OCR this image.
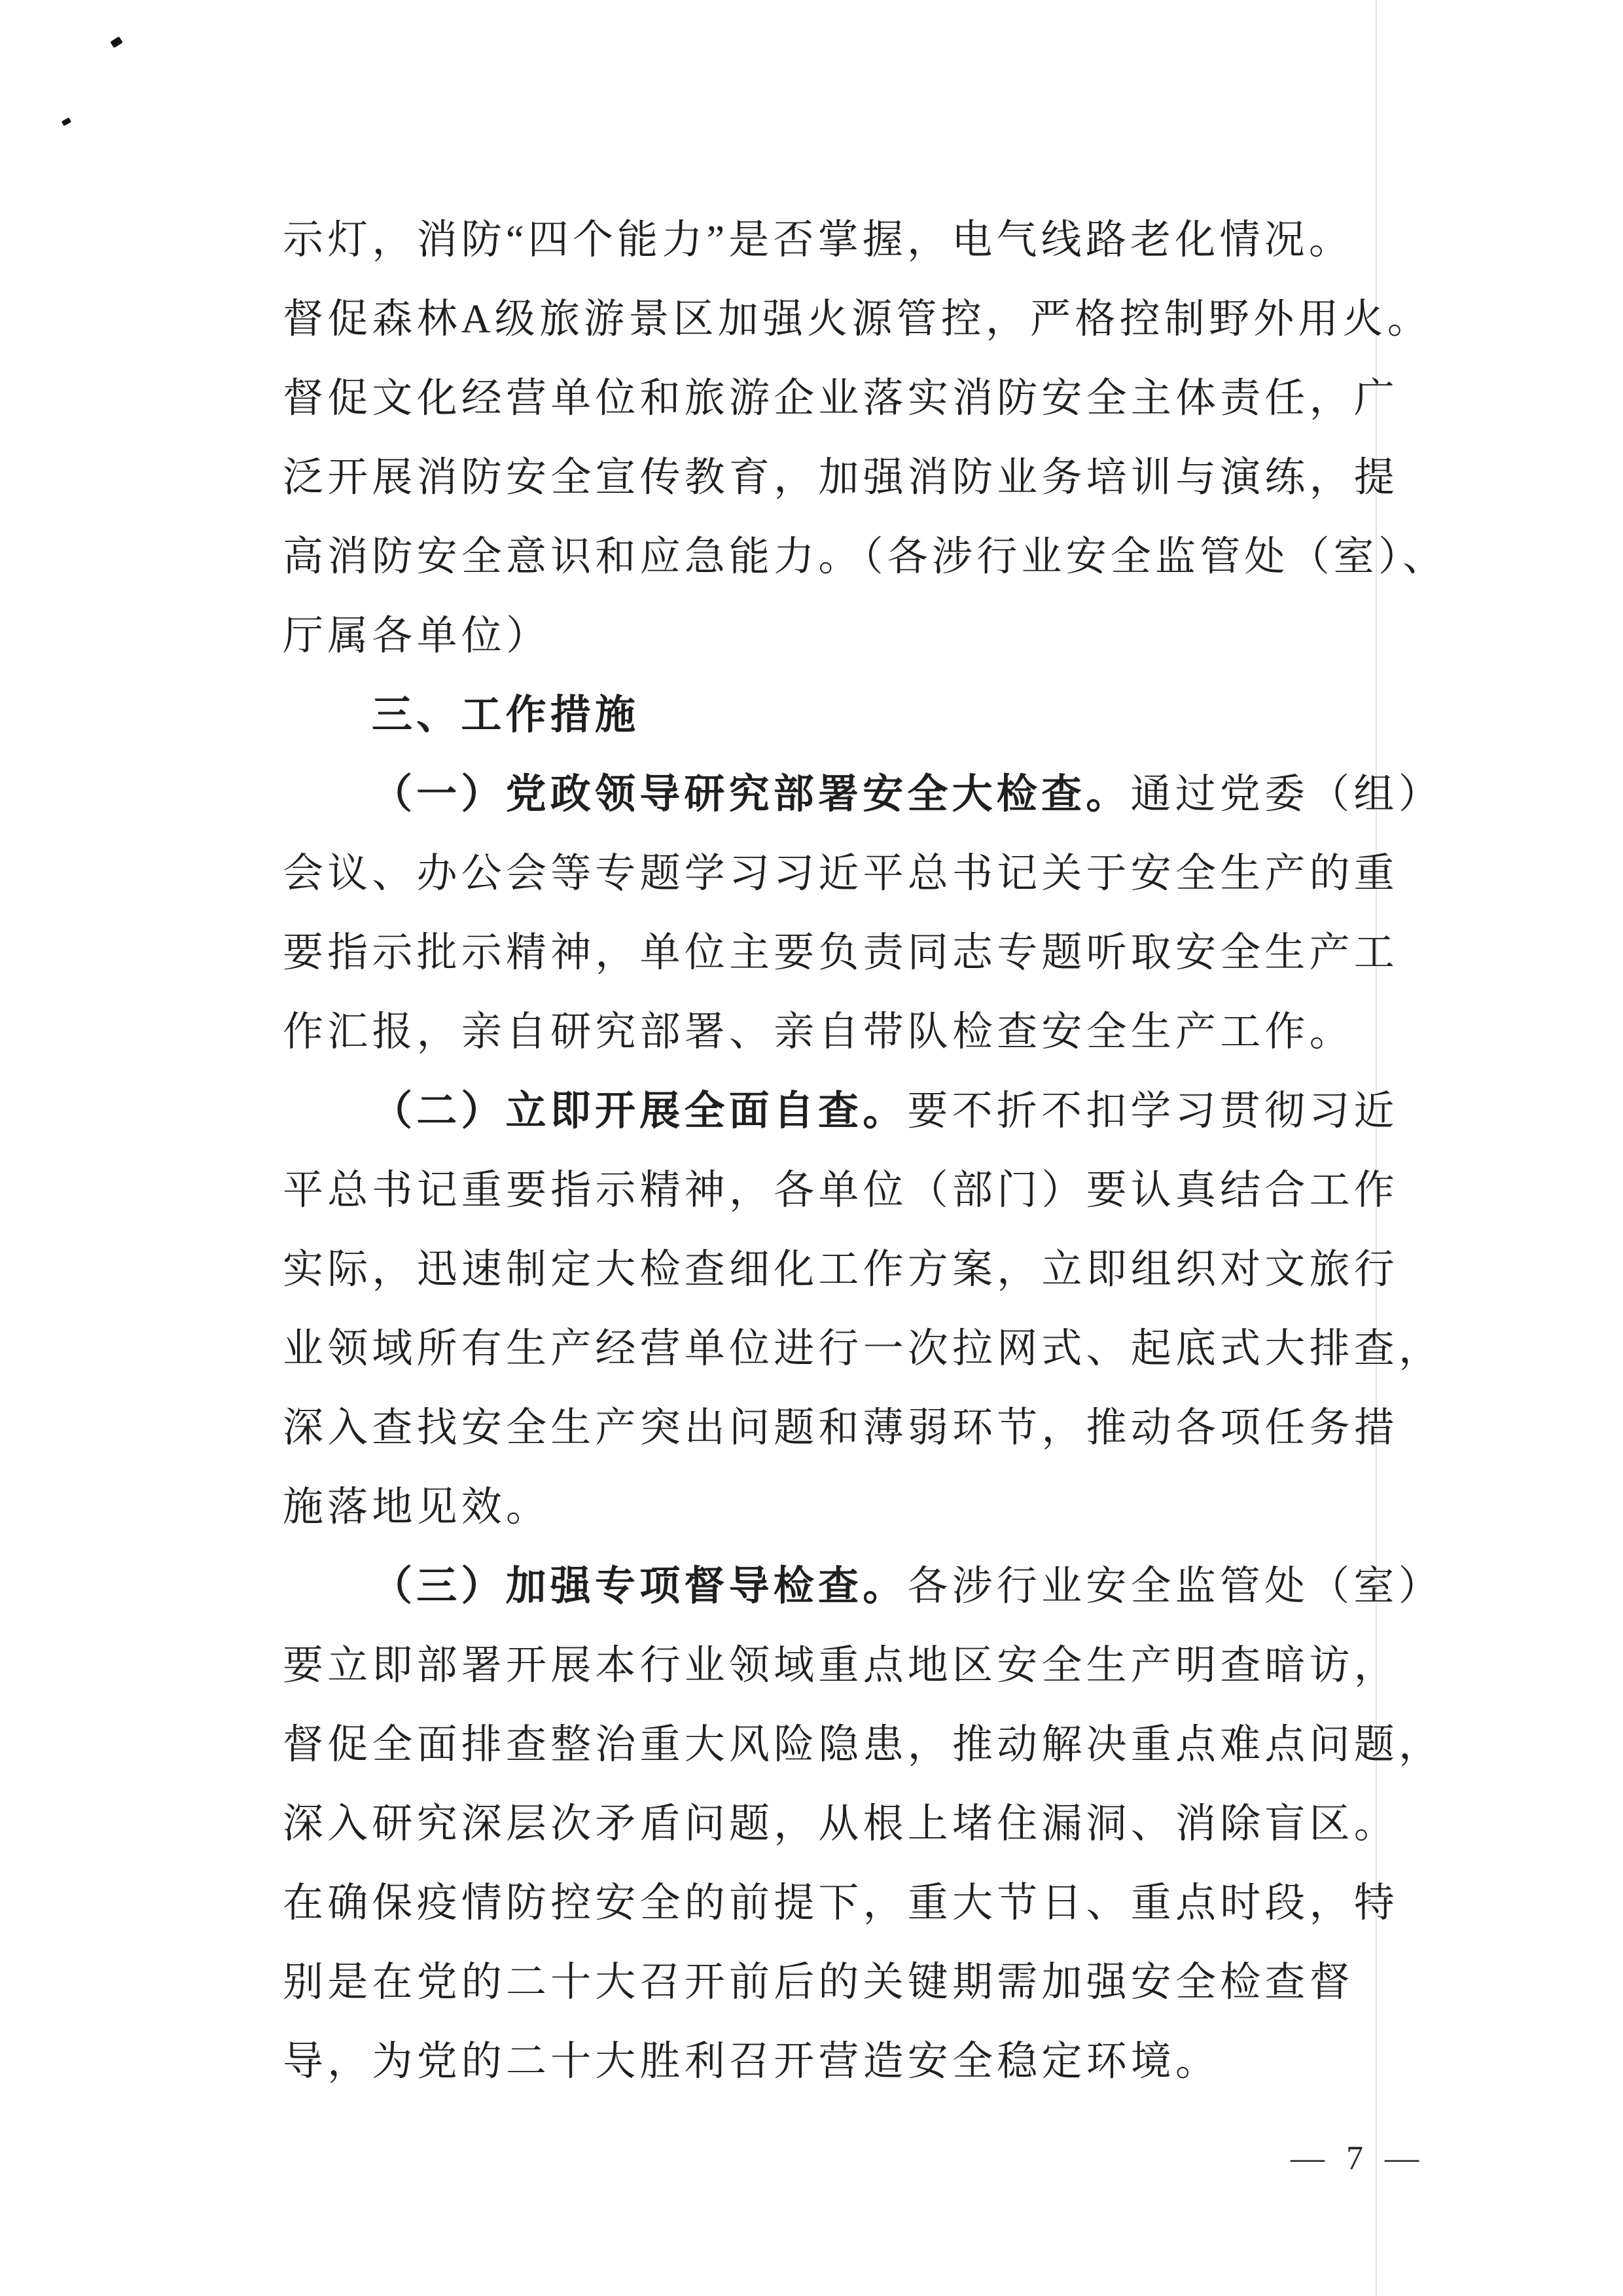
示灯，消防“四个能力”是否掌握，电气线路老化情况。
督促森林A级旅游景区加强火源管控，严格控制野外用火。
督促文化经营单位和旅游企业落实消防安全主体责任，广
泛开展消防安全宣传教育，加强消防业务培训与演练，提
高消防安全意识和应急能力。（各涉行业安全监管处（室）、
厅属各单位）
三、工作措施
（一）党政领导研究部署安全大检查。通过党委（组）
会议、办公会等专题学习习近平总书记关于安全生产的重
要指示批示精神，单位主要负责同志专题听取安全生产工
作汇报，亲自研究部署、亲自带队检查安全生产工作。
（二）立即开展全面自查。要不折不扣学习贯彻习近
平总书记重要指示精神，各单位（部门）要认真结合工作
实际，迅速制定大检查细化工作方案，立即组织对文旅行
业领域所有生产经营单位进行一次拉网式、起底式大排查，
深入查找安全生产突出问题和薄弱环节，推动各项任务措
施落地见效。
（三）加强专项督导检查。各涉行业安全监管处（室）
要立即部署开展本行业领域重点地区安全生产明查暗访，
督促全面排查整治重大风险隐患，推动解决重点难点问题，
深入研究深层次矛盾问题，从根上堵住漏洞、消除盲区。
在确保疫情防控安全的前提下，重大节日、重点时段，特
别是在党的二十大召开前后的关键期需加强安全检查督
导，为党的二十大胜利召开营造安全稳定环境。
— 7 —
